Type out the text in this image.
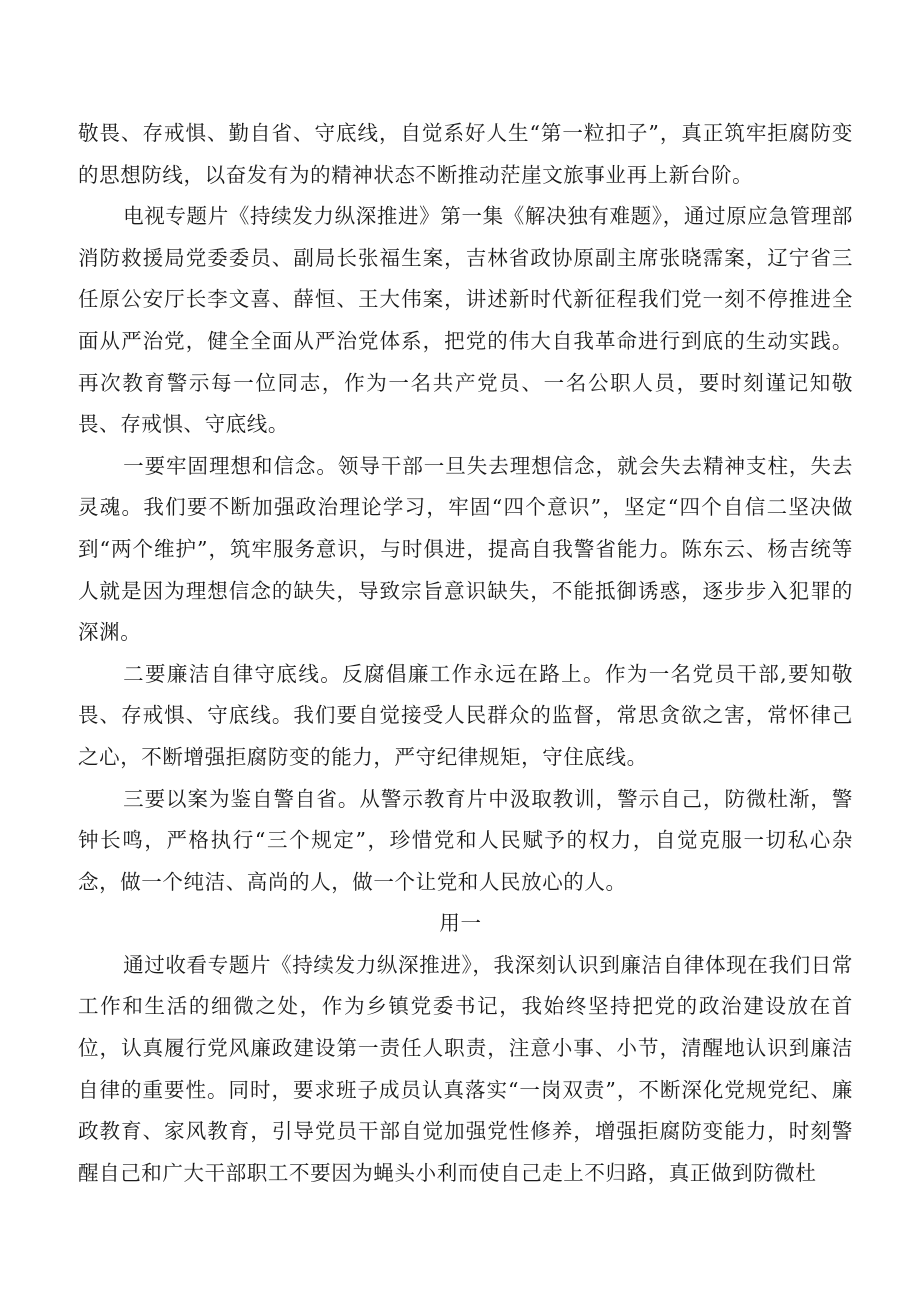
敬畏、存戒惧、勤自省、守底线，自觉系好人生“第一粒扣子”，真正筑牢拒腐防变的思想防线，以奋发有为的精神状态不断推动茫崖文旅事业再上新台阶。

电视专题片《持续发力纵深推进》第一集《解决独有难题》，通过原应急管理部消防救援局党委委员、副局长张福生案，吉林省政协原副主席张晓霈案，辽宁省三任原公安厅长李文喜、薛恒、王大伟案，讲述新时代新征程我们党一刻不停推进全面从严治党，健全全面从严治党体系，把党的伟大自我革命进行到底的生动实践。再次教育警示每一位同志，作为一名共产党员、一名公职人员，要时刻谨记知敬畏、存戒惧、守底线。

一要牢固理想和信念。领导干部一旦失去理想信念，就会失去精神支柱，失去灵魂。我们要不断加强政治理论学习，牢固“四个意识”，坚定“四个自信二坚决做到“两个维护”，筑牢服务意识，与时俱进，提高自我警省能力。陈东云、杨吉统等人就是因为理想信念的缺失，导致宗旨意识缺失，不能抵御诱惑，逐步步入犯罪的深渊。

二要廉洁自律守底线。反腐倡廉工作永远在路上。作为一名党员干部,要知敬畏、存戒惧、守底线。我们要自觉接受人民群众的监督，常思贪欲之害，常怀律己之心，不断增强拒腐防变的能力，严守纪律规矩，守住底线。

三要以案为鉴自警自省。从警示教育片中汲取教训，警示自己，防微杜渐，警钟长鸣，严格执行“三个规定”，珍惜党和人民赋予的权力，自觉克服一切私心杂念，做一个纯洁、高尚的人，做一个让党和人民放心的人。

用一

通过收看专题片《持续发力纵深推进》，我深刻认识到廉洁自律体现在我们日常工作和生活的细微之处，作为乡镇党委书记，我始终坚持把党的政治建设放在首位，认真履行党风廉政建设第一责任人职责，注意小事、小节，清醒地认识到廉洁自律的重要性。同时，要求班子成员认真落实“一岗双责”，不断深化党规党纪、廉政教育、家风教育，引导党员干部自觉加强党性修养，增强拒腐防变能力，时刻警醒自己和广大干部职工不要因为蝇头小利而使自己走上不归路，真正做到防微杜
